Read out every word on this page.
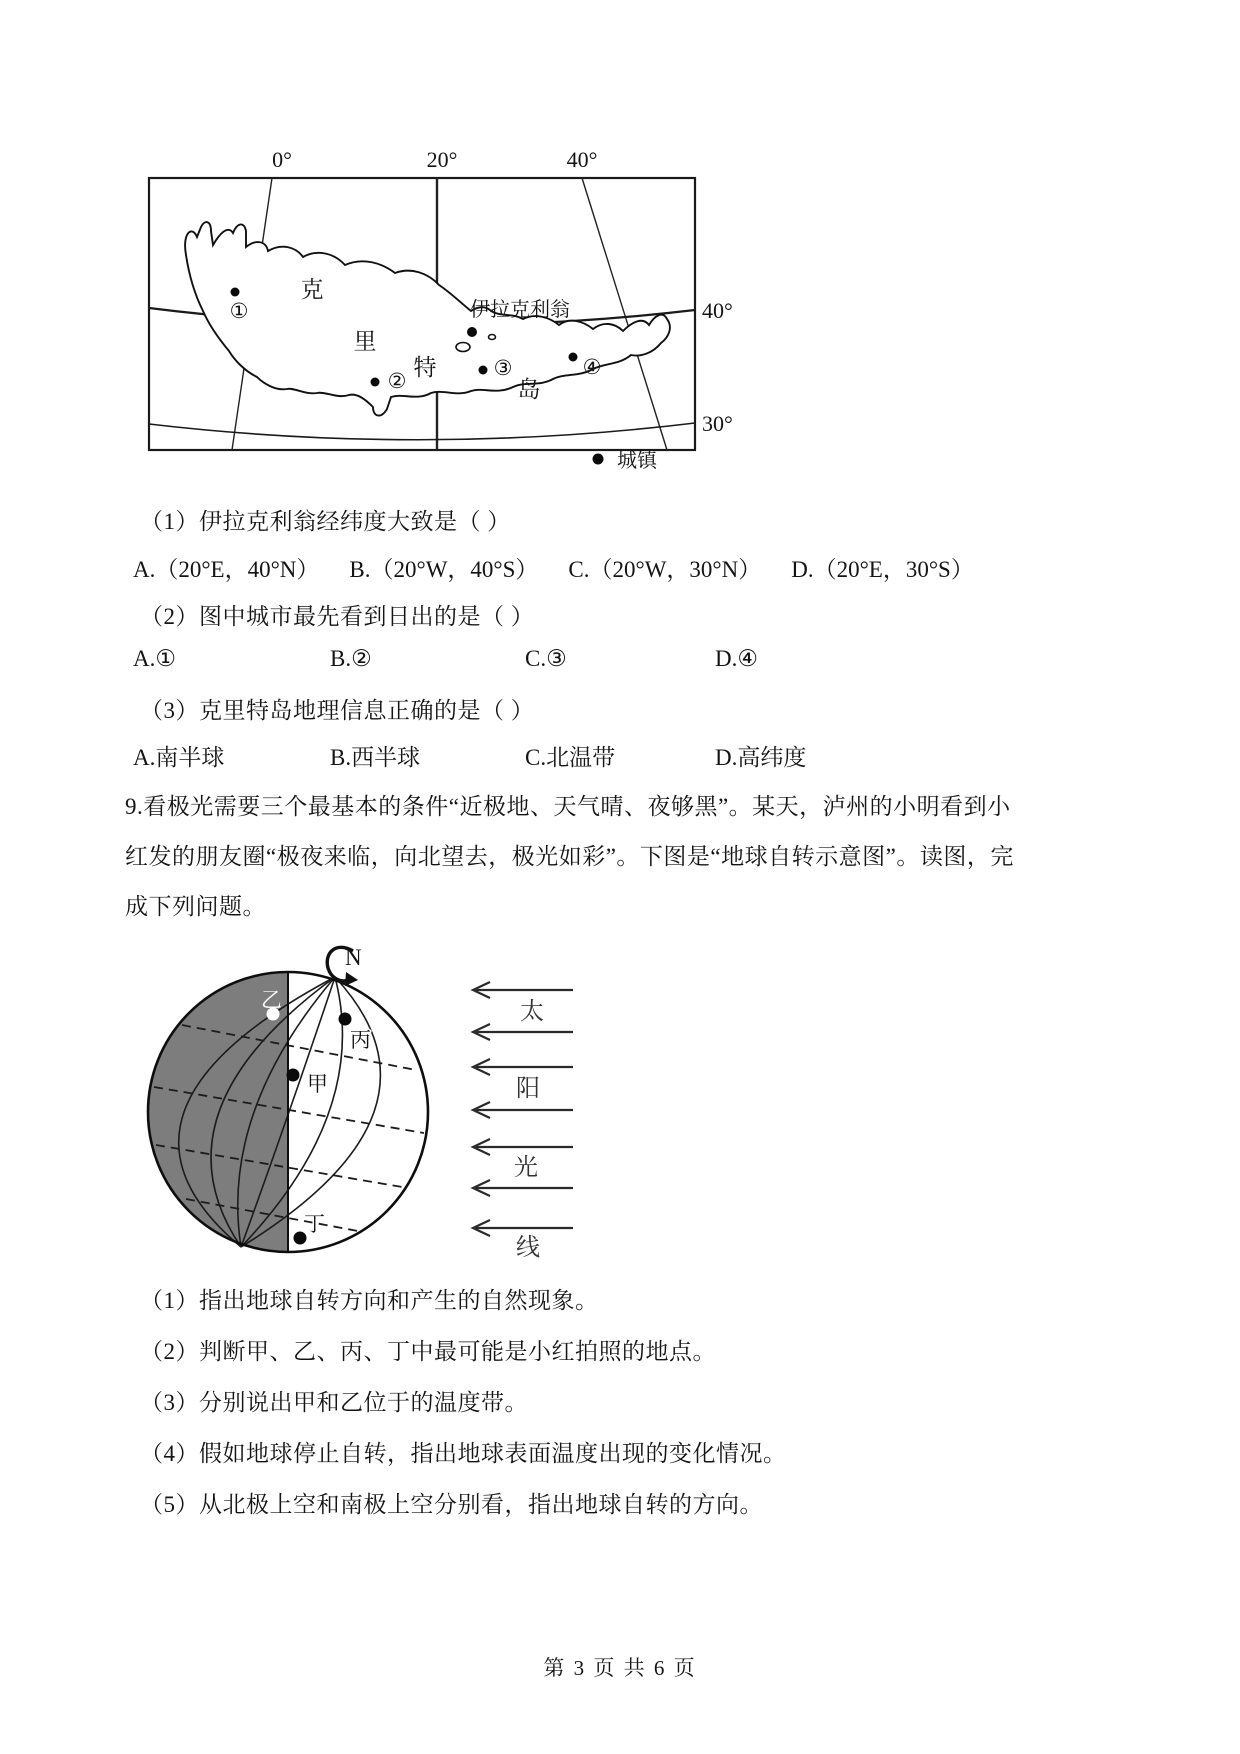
0°	20°	40°
40°
30°
克
里
特
岛
①
②
③	④
伊拉克利翁
城镇
（1）伊拉克利翁经纬度大致是（ ）
A.（20°E，40°N） B.（20°W，40°S） C.（20°W，30°N） D.（20°E，30°S）
（2）图中城市最先看到日出的是（ ）
A.①	B.②	C.③	D.④
（3）克里特岛地理信息正确的是（ ）
A.南半球	B.西半球	C.北温带	D.高纬度
9.看极光需要三个最基本的条件“近极地、天气晴、夜够黑”。某天，泸州的小明看到小
红发的朋友圈“极夜来临，向北望去，极光如彩”。下图是“地球自转示意图”。读图，完
成下列问题。
N
乙
丙
甲
丁
太
阳
光
线
（1）指出地球自转方向和产生的自然现象。
（2）判断甲、乙、丙、丁中最可能是小红拍照的地点。
（3）分别说出甲和乙位于的温度带。
（4）假如地球停止自转，指出地球表面温度出现的变化情况。
（5）从北极上空和南极上空分别看，指出地球自转的方向。
第 3 页 共 6 页
